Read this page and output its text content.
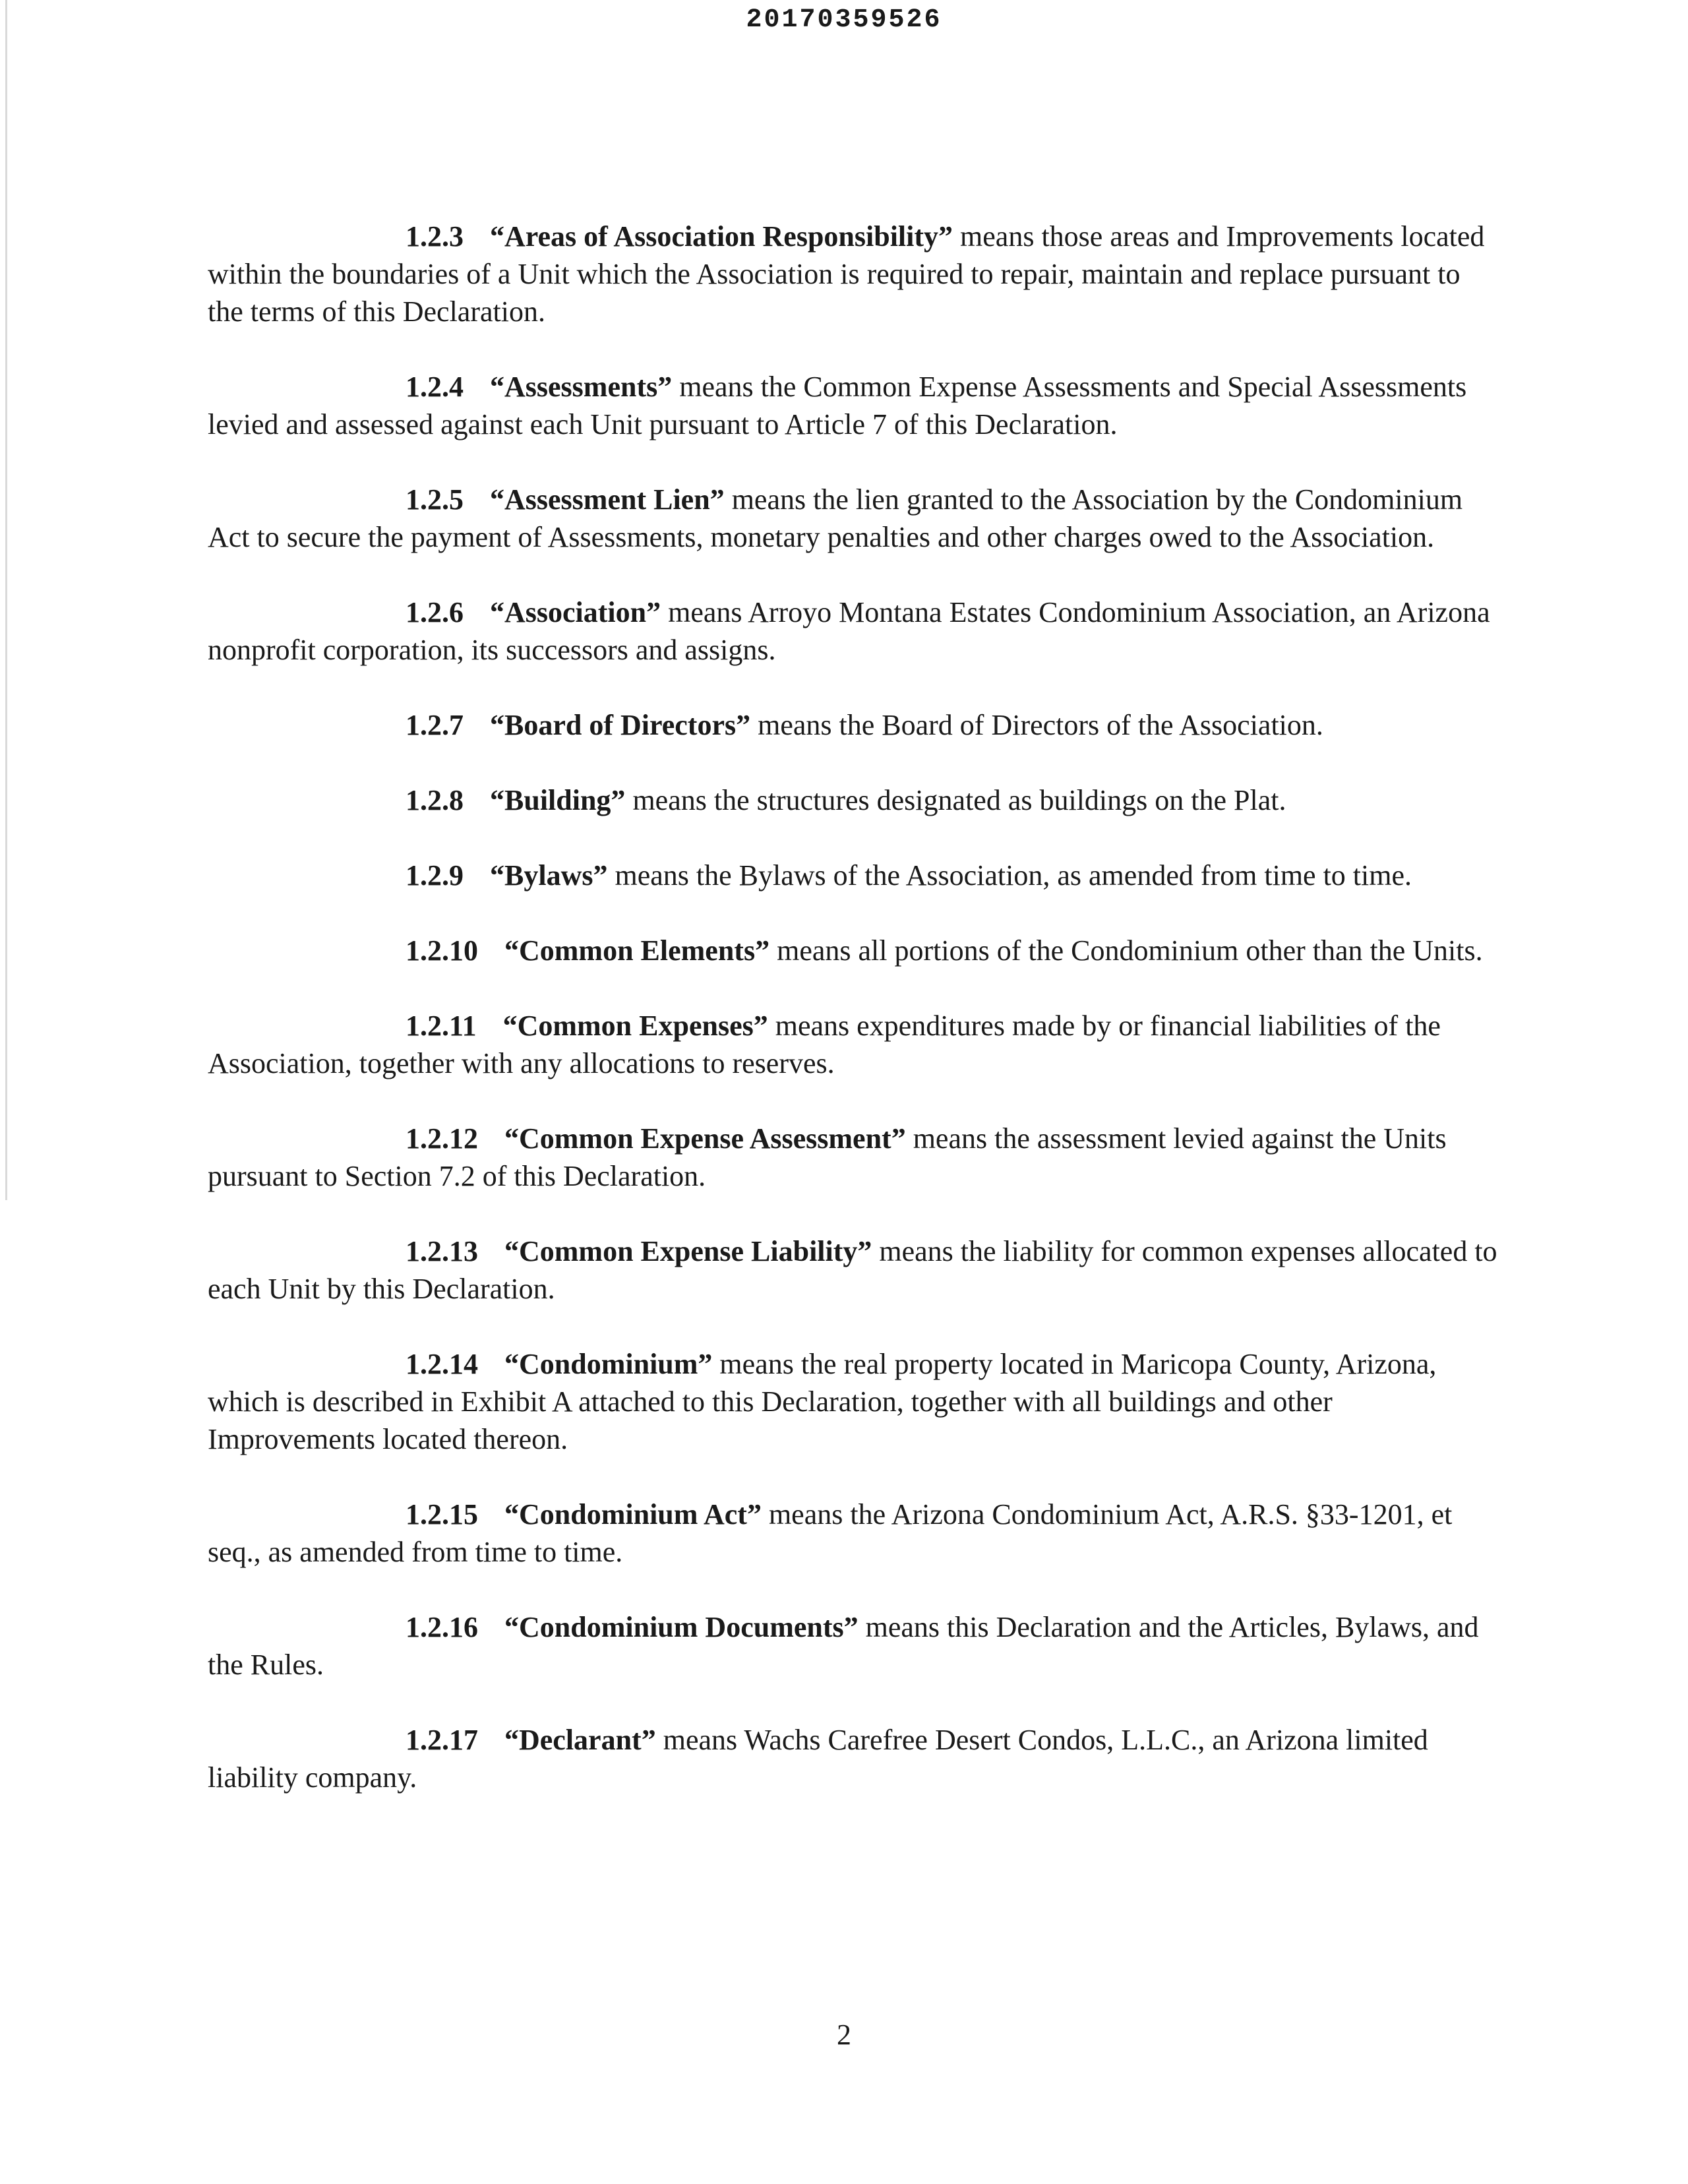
20170359526

1.2.3 “Areas of Association Responsibility” means those areas and Improvements located within the boundaries of a Unit which the Association is required to repair, maintain and replace pursuant to the terms of this Declaration.

1.2.4 “Assessments” means the Common Expense Assessments and Special Assessments levied and assessed against each Unit pursuant to Article 7 of this Declaration.

1.2.5 “Assessment Lien” means the lien granted to the Association by the Condominium Act to secure the payment of Assessments, monetary penalties and other charges owed to the Association.

1.2.6 “Association” means Arroyo Montana Estates Condominium Association, an Arizona nonprofit corporation, its successors and assigns.

1.2.7 “Board of Directors” means the Board of Directors of the Association.

1.2.8 “Building” means the structures designated as buildings on the Plat.

1.2.9 “Bylaws” means the Bylaws of the Association, as amended from time to time.

1.2.10 “Common Elements” means all portions of the Condominium other than the Units.

1.2.11 “Common Expenses” means expenditures made by or financial liabilities of the Association, together with any allocations to reserves.

1.2.12 “Common Expense Assessment” means the assessment levied against the Units pursuant to Section 7.2 of this Declaration.

1.2.13 “Common Expense Liability” means the liability for common expenses allocated to each Unit by this Declaration.

1.2.14 “Condominium” means the real property located in Maricopa County, Arizona, which is described in Exhibit A attached to this Declaration, together with all buildings and other Improvements located thereon.

1.2.15 “Condominium Act” means the Arizona Condominium Act, A.R.S. §33-1201, et seq., as amended from time to time.

1.2.16 “Condominium Documents” means this Declaration and the Articles, Bylaws, and the Rules.

1.2.17 “Declarant” means Wachs Carefree Desert Condos, L.L.C., an Arizona limited liability company.

2
